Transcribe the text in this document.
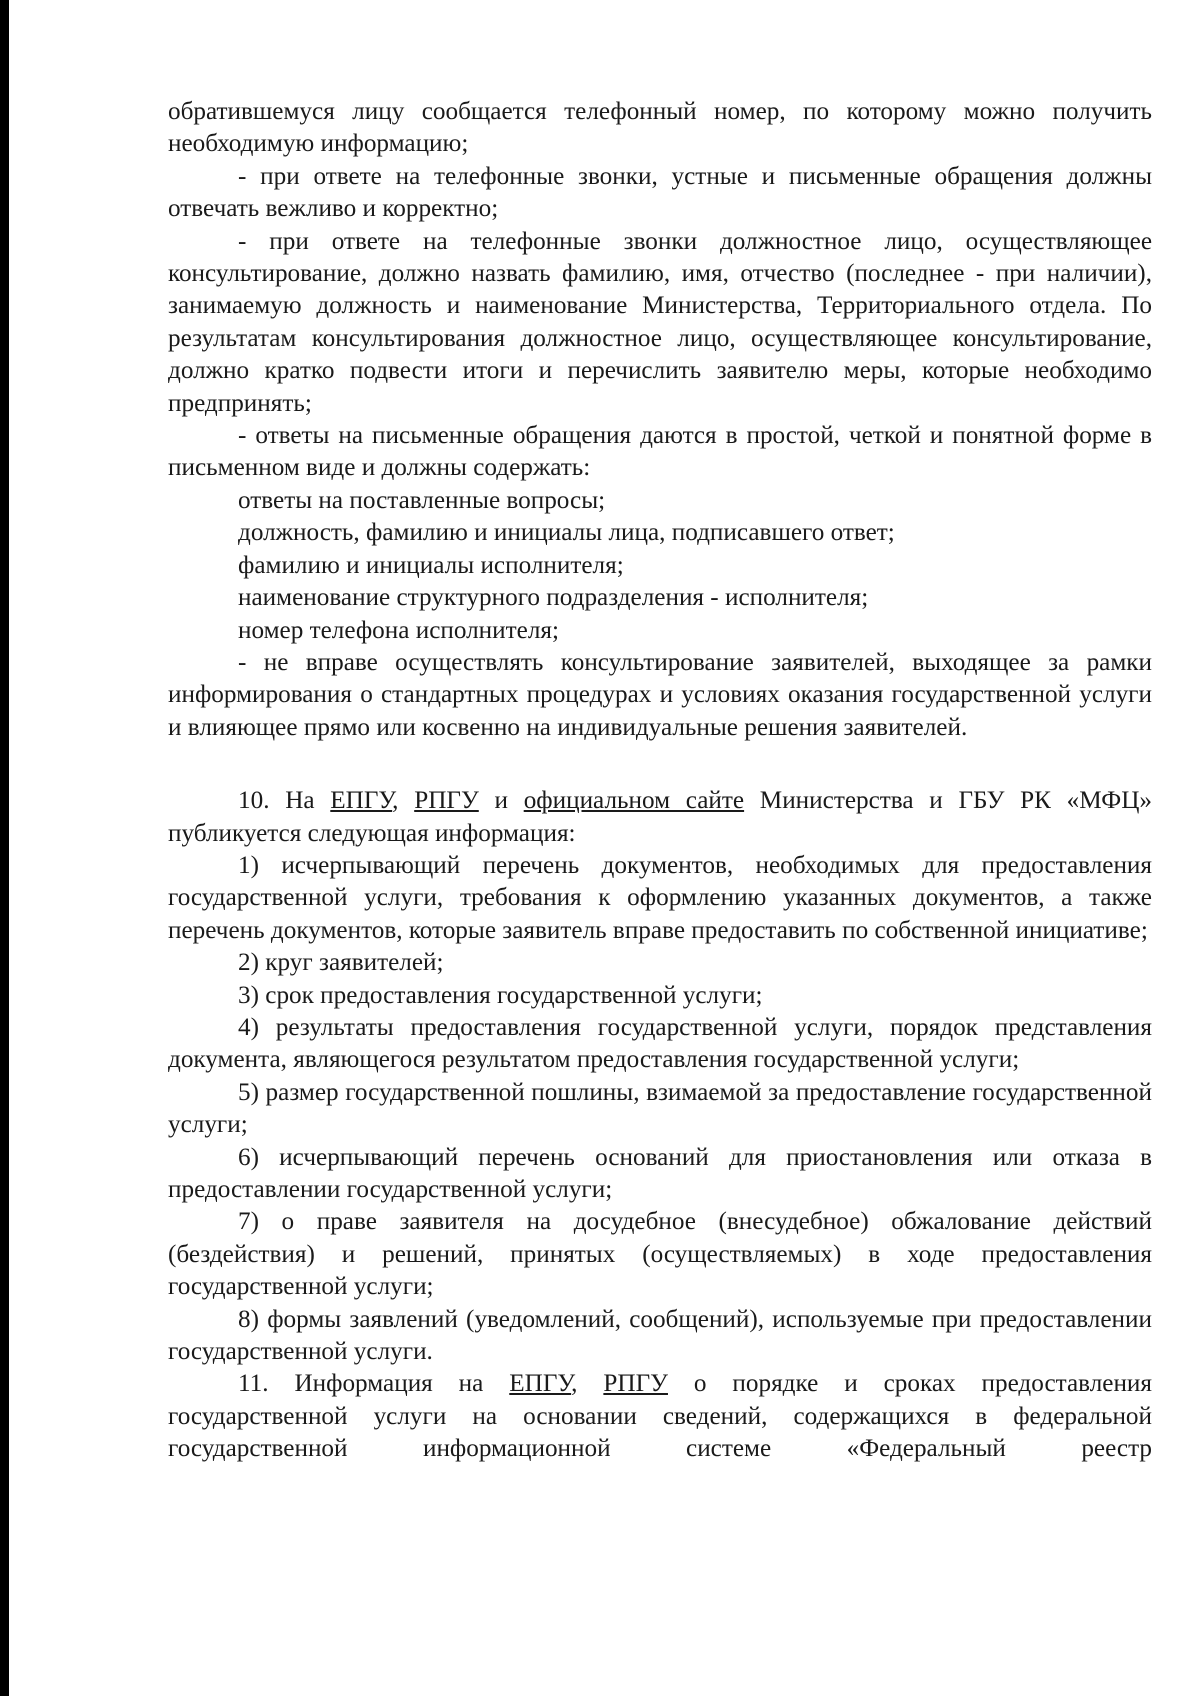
обратившемуся лицу сообщается телефонный номер, по которому можно получить необходимую информацию;

- при ответе на телефонные звонки, устные и письменные обращения должны отвечать вежливо и корректно;

- при ответе на телефонные звонки должностное лицо, осуществляющее консультирование, должно назвать фамилию, имя, отчество (последнее - при наличии), занимаемую должность и наименование Министерства, Территориального отдела. По результатам консультирования должностное лицо, осуществляющее консультирование, должно кратко подвести итоги и перечислить заявителю меры, которые необходимо предпринять;

- ответы на письменные обращения даются в простой, четкой и понятной форме в письменном виде и должны содержать:

ответы на поставленные вопросы;

должность, фамилию и инициалы лица, подписавшего ответ;

фамилию и инициалы исполнителя;

наименование структурного подразделения - исполнителя;

номер телефона исполнителя;

- не вправе осуществлять консультирование заявителей, выходящее за рамки информирования о стандартных процедурах и условиях оказания государственной услуги и влияющее прямо или косвенно на индивидуальные решения заявителей.

10. На ЕПГУ, РПГУ и официальном сайте Министерства и ГБУ РК «МФЦ» публикуется следующая информация:

1) исчерпывающий перечень документов, необходимых для предоставления государственной услуги, требования к оформлению указанных документов, а также перечень документов, которые заявитель вправе предоставить по собственной инициативе;

2) круг заявителей;

3) срок предоставления государственной услуги;

4) результаты предоставления государственной услуги, порядок представления документа, являющегося результатом предоставления государственной услуги;

5) размер государственной пошлины, взимаемой за предоставление государственной услуги;

6) исчерпывающий перечень оснований для приостановления или отказа в предоставлении государственной услуги;

7) о праве заявителя на досудебное (внесудебное) обжалование действий (бездействия) и решений, принятых (осуществляемых) в ходе предоставления государственной услуги;

8) формы заявлений (уведомлений, сообщений), используемые при предоставлении государственной услуги.

11. Информация на ЕПГУ, РПГУ о порядке и сроках предоставления государственной услуги на основании сведений, содержащихся в федеральной государственной информационной системе «Федеральный реестр
